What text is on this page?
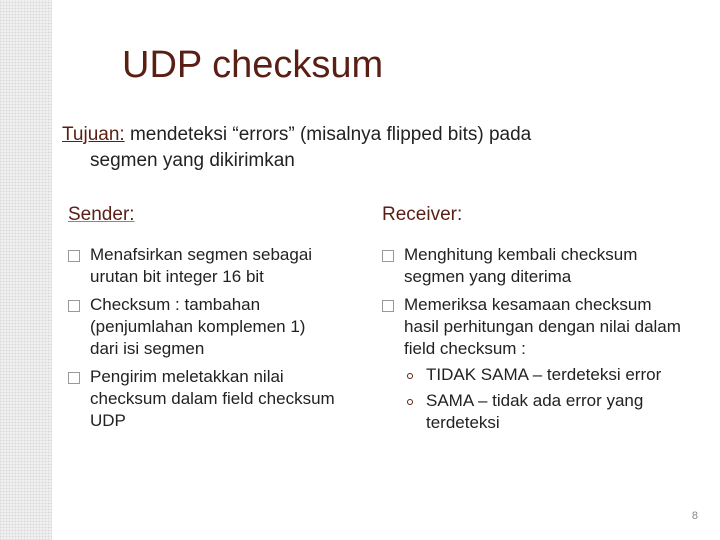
UDP checksum
Tujuan: mendeteksi “errors” (misalnya flipped bits) pada
segmen yang dikirimkan
Sender:
Menafsirkan segmen sebagai urutan bit integer 16 bit
Checksum : tambahan (penjumlahan komplemen 1) dari isi segmen
Pengirim meletakkan nilai checksum dalam field checksum UDP
Receiver:
Menghitung kembali checksum segmen yang diterima
Memeriksa kesamaan checksum hasil perhitungan dengan nilai dalam field checksum :
TIDAK SAMA – terdeteksi error
SAMA – tidak ada error yang terdeteksi
8
